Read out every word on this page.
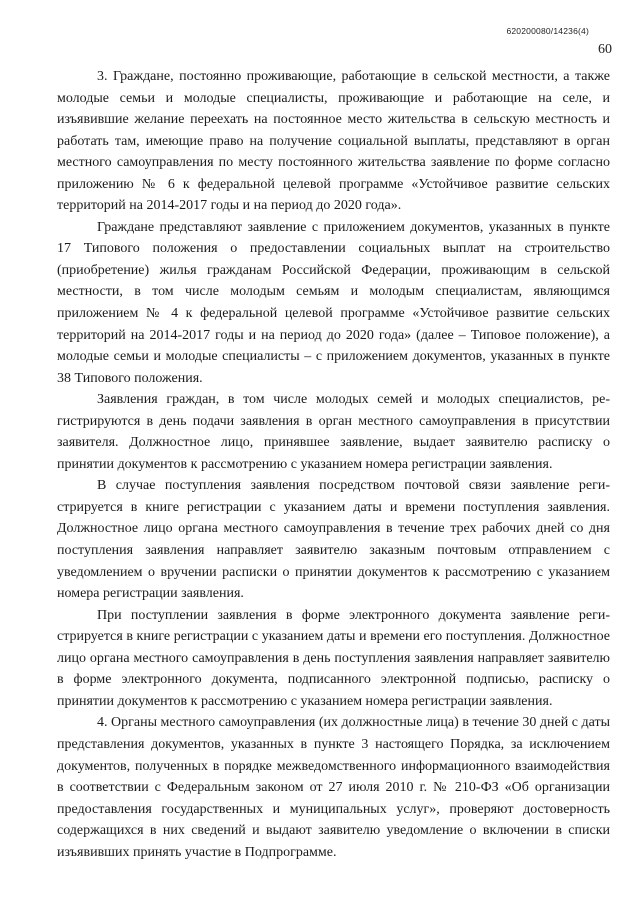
620200080/14236(4)
60

3. Граждане, постоянно проживающие, работающие в сельской местности, а также молодые семьи и молодые специалисты, проживающие и работающие на селе, и изъявившие желание переехать на постоянное место жительства в сельскую местность и работать там, имеющие право на получение социальной выплаты, представляют в орган местного самоуправления по месту постоянного жительства заявление по форме согласно приложению № 6 к федеральной целевой программе «Устойчивое развитие сельских территорий на 2014-2017 годы и на период до 2020 года».

Граждане представляют заявление с приложением документов, указанных в пункте 17 Типового положения о предоставлении социальных выплат на строительство (приобретение) жилья гражданам Российской Федерации, проживающим в сельской местности, в том числе молодым семьям и молодым специалистам, являющимся приложением № 4 к федеральной целевой программе «Устойчивое развитие сельских территорий на 2014-2017 годы и на период до 2020 года» (далее – Типовое положение), а молодые семьи и молодые специалисты – с приложением документов, указанных в пункте 38 Типового положения.

Заявления граждан, в том числе молодых семей и молодых специалистов, регистрируются в день подачи заявления в орган местного самоуправления в присутствии заявителя. Должностное лицо, принявшее заявление, выдает заявителю расписку о принятии документов к рассмотрению с указанием номера регистрации заявления.

В случае поступления заявления посредством почтовой связи заявление регистрируется в книге регистрации с указанием даты и времени поступления заявления. Должностное лицо органа местного самоуправления в течение трех рабочих дней со дня поступления заявления направляет заявителю заказным почтовым отправлением с уведомлением о вручении расписки о принятии документов к рассмотрению с указанием номера регистрации заявления.

При поступлении заявления в форме электронного документа заявление регистрируется в книге регистрации с указанием даты и времени его поступления. Должностное лицо органа местного самоуправления в день поступления заявления направляет заявителю в форме электронного документа, подписанного электронной подписью, расписку о принятии документов к рассмотрению с указанием номера регистрации заявления.

4. Органы местного самоуправления (их должностные лица) в течение 30 дней с даты представления документов, указанных в пункте 3 настоящего Порядка, за исключением документов, полученных в порядке межведомственного информационного взаимодействия в соответствии с Федеральным законом от 27 июля 2010 г. № 210-ФЗ «Об организации предоставления государственных и муниципальных услуг», проверяют достоверность содержащихся в них сведений и выдают заявителю уведомление о включении в списки изъявивших принять участие в Подпрограмме.
